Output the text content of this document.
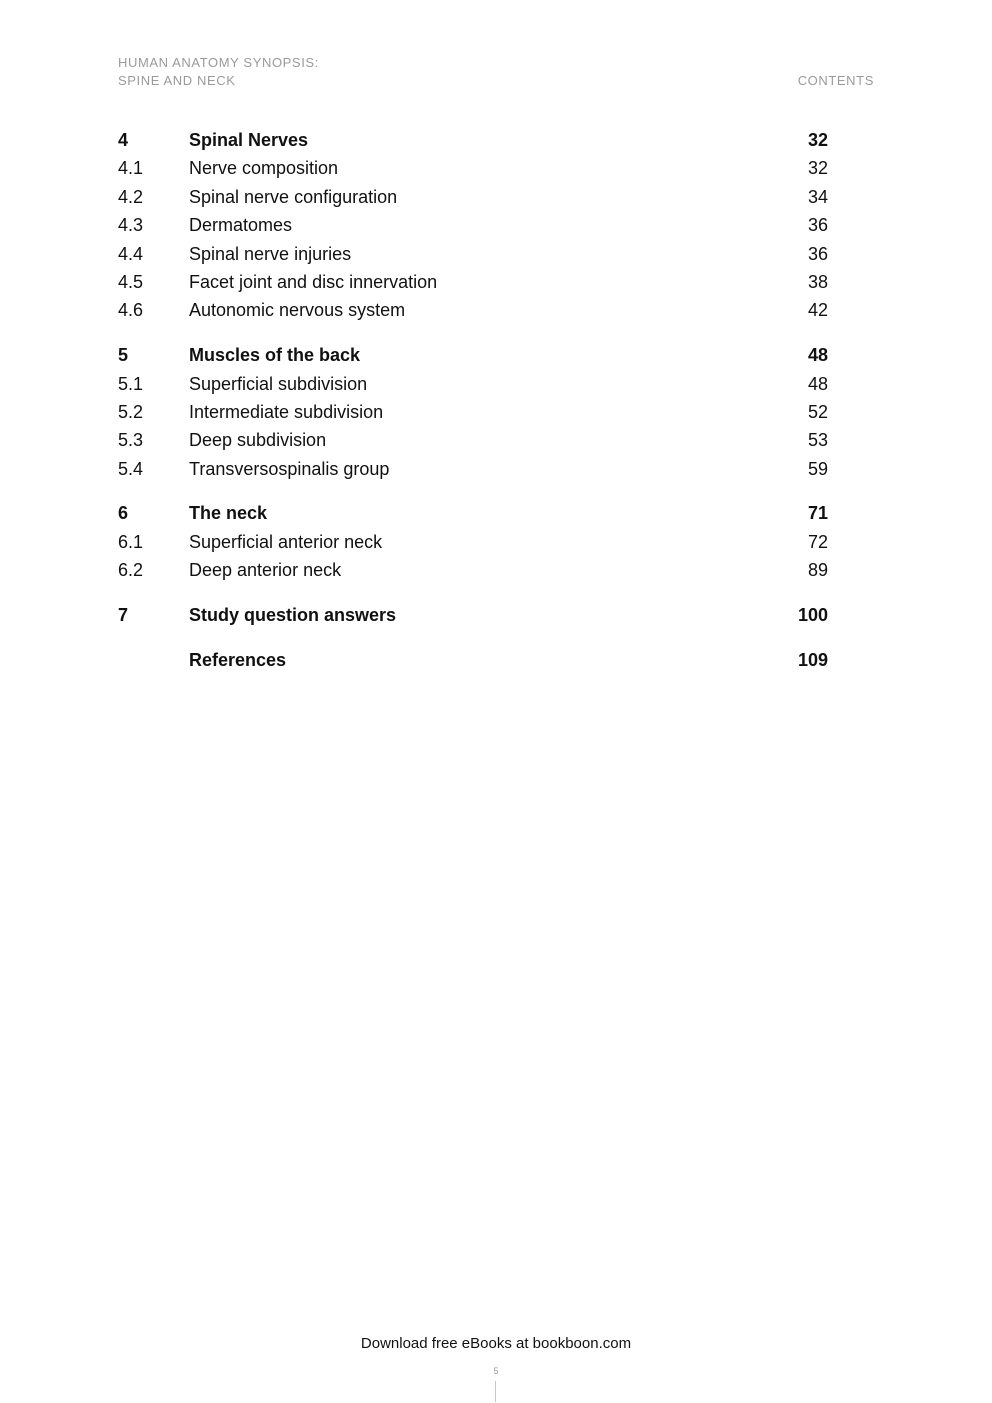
HUMAN ANATOMY SYNOPSIS:
SPINE AND NECK	CONTENTS
4	Spinal Nerves	32
4.1	Nerve composition	32
4.2	Spinal nerve configuration	34
4.3	Dermatomes	36
4.4	Spinal nerve injuries	36
4.5	Facet joint and disc innervation	38
4.6	Autonomic nervous system	42
5	Muscles of the back	48
5.1	Superficial subdivision	48
5.2	Intermediate subdivision	52
5.3	Deep subdivision	53
5.4	Transversospinalis group	59
6	The neck	71
6.1	Superficial anterior neck	72
6.2	Deep anterior neck	89
7	Study question answers	100
References	109
Download free eBooks at bookboon.com
5
